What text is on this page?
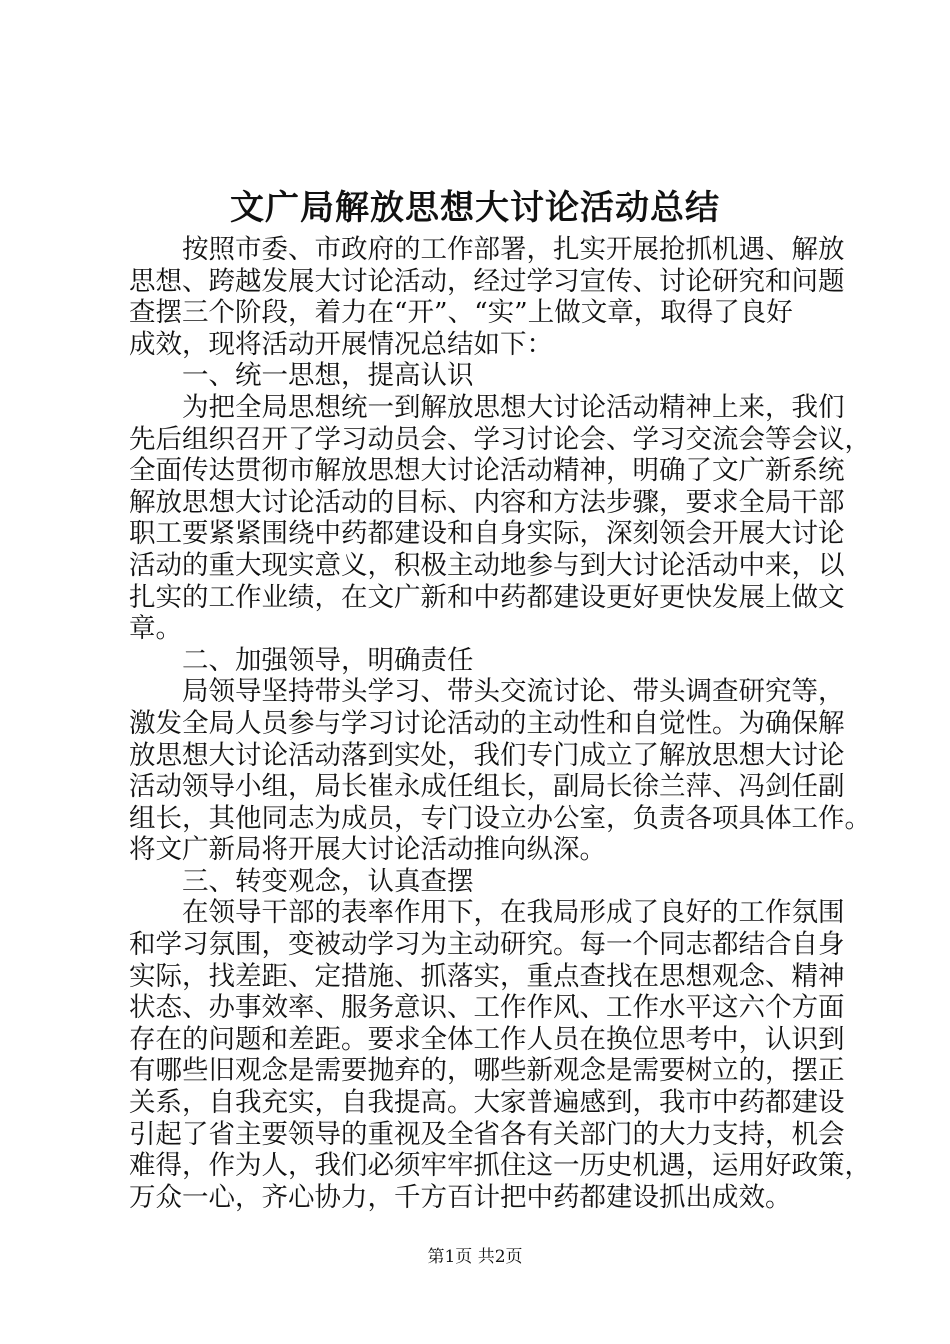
文广局解放思想大讨论活动总结
按照市委、市政府的工作部署，扎实开展抢抓机遇、解放
思想、跨越发展大讨论活动，经过学习宣传、讨论研究和问题
查摆三个阶段，着力在“开”、“实”上做文章，取得了良好
成效，现将活动开展情况总结如下：
一、统一思想，提高认识
为把全局思想统一到解放思想大讨论活动精神上来，我们
先后组织召开了学习动员会、学习讨论会、学习交流会等会议，
全面传达贯彻市解放思想大讨论活动精神，明确了文广新系统
解放思想大讨论活动的目标、内容和方法步骤，要求全局干部
职工要紧紧围绕中药都建设和自身实际，深刻领会开展大讨论
活动的重大现实意义，积极主动地参与到大讨论活动中来，以
扎实的工作业绩，在文广新和中药都建设更好更快发展上做文
章。
二、加强领导，明确责任
局领导坚持带头学习、带头交流讨论、带头调查研究等，
激发全局人员参与学习讨论活动的主动性和自觉性。为确保解
放思想大讨论活动落到实处，我们专门成立了解放思想大讨论
活动领导小组，局长崔永成任组长，副局长徐兰萍、冯剑任副
组长，其他同志为成员，专门设立办公室，负责各项具体工作。
将文广新局将开展大讨论活动推向纵深。
三、转变观念，认真查摆
在领导干部的表率作用下，在我局形成了良好的工作氛围
和学习氛围，变被动学习为主动研究。每一个同志都结合自身
实际，找差距、定措施、抓落实，重点查找在思想观念、精神
状态、办事效率、服务意识、工作作风、工作水平这六个方面
存在的问题和差距。要求全体工作人员在换位思考中，认识到
有哪些旧观念是需要抛弃的，哪些新观念是需要树立的，摆正
关系，自我充实，自我提高。大家普遍感到，我市中药都建设
引起了省主要领导的重视及全省各有关部门的大力支持，机会
难得，作为人，我们必须牢牢抓住这一历史机遇，运用好政策，
万众一心，齐心协力，千方百计把中药都建设抓出成效。
第1页 共2页
